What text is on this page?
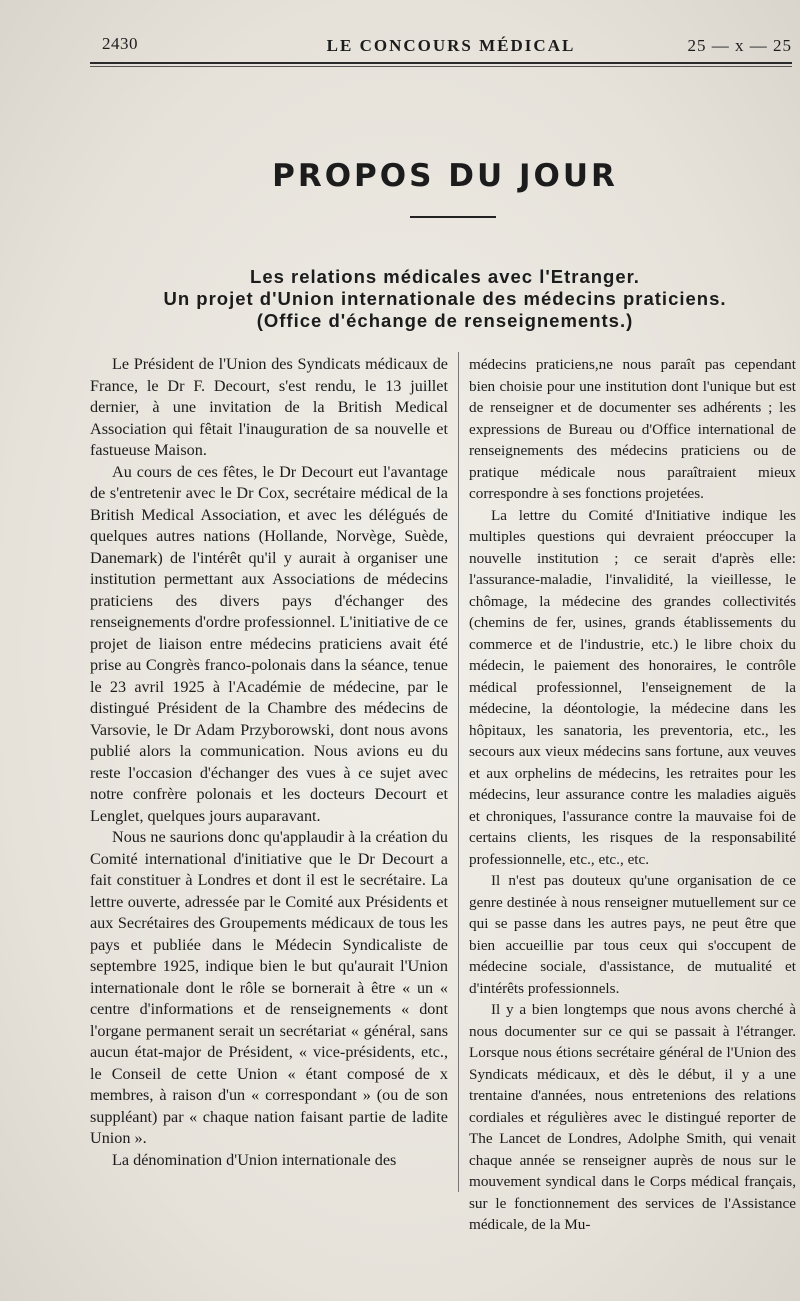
2430	LE CONCOURS MÉDICAL	25 — x — 25
PROPOS DU JOUR
Les relations médicales avec l'Etranger.
Un projet d'Union internationale des médecins praticiens.
(Office d'échange de renseignements.)

Le Président de l'Union des Syndicats médicaux de France, le Dr F. Decourt, s'est rendu, le 13 juillet dernier, à une invitation de la British Medical Association qui fêtait l'inauguration de sa nouvelle et fastueuse Maison.

Au cours de ces fêtes, le Dr Decourt eut l'avantage de s'entretenir avec le Dr Cox, secrétaire médical de la British Medical Association, et avec les délégués de quelques autres nations (Hollande, Norvège, Suède, Danemark) de l'intérêt qu'il y aurait à organiser une institution permettant aux Associations de médecins praticiens des divers pays d'échanger des renseignements d'ordre professionnel. L'initiative de ce projet de liaison entre médecins praticiens avait été prise au Congrès franco-polonais dans la séance, tenue le 23 avril 1925 à l'Académie de médecine, par le distingué Président de la Chambre des médecins de Varsovie, le Dr Adam Przyborowski, dont nous avons publié alors la communication. Nous avions eu du reste l'occasion d'échanger des vues à ce sujet avec notre confrère polonais et les docteurs Decourt et Lenglet, quelques jours auparavant.

Nous ne saurions donc qu'applaudir à la création du Comité international d'initiative que le Dr Decourt a fait constituer à Londres et dont il est le secrétaire. La lettre ouverte, adressée par le Comité aux Présidents et aux Secrétaires des Groupements médicaux de tous les pays et publiée dans le Médecin Syndicaliste de septembre 1925, indique bien le but qu'aurait l'Union internationale dont le rôle se bornerait à être « un « centre d'informations et de renseignements « dont l'organe permanent serait un secrétariat « général, sans aucun état-major de Président, « vice-présidents, etc., le Conseil de cette Union « étant composé de x membres, à raison d'un « correspondant » (ou de son suppléant) par « chaque nation faisant partie de ladite Union ».

La dénomination d'Union internationale des

médecins praticiens,ne nous paraît pas cependant bien choisie pour une institution dont l'unique but est de renseigner et de documenter ses adhérents ; les expressions de Bureau ou d'Office international de renseignements des médecins praticiens ou de pratique médicale nous paraîtraient mieux correspondre à ses fonctions projetées.

La lettre du Comité d'Initiative indique les multiples questions qui devraient préoccuper la nouvelle institution ; ce serait d'après elle: l'assurance-maladie, l'invalidité, la vieillesse, le chômage, la médecine des grandes collectivités (chemins de fer, usines, grands établissements du commerce et de l'industrie, etc.) le libre choix du médecin, le paiement des honoraires, le contrôle médical professionnel, l'enseignement de la médecine, la déontologie, la médecine dans les hôpitaux, les sanatoria, les preventoria, etc., les secours aux vieux médecins sans fortune, aux veuves et aux orphelins de médecins, les retraites pour les médecins, leur assurance contre les maladies aiguës et chroniques, l'assurance contre la mauvaise foi de certains clients, les risques de la responsabilité professionnelle, etc., etc., etc.

Il n'est pas douteux qu'une organisation de ce genre destinée à nous renseigner mutuellement sur ce qui se passe dans les autres pays, ne peut être que bien accueillie par tous ceux qui s'occupent de médecine sociale, d'assistance, de mutualité et d'intérêts professionnels.

Il y a bien longtemps que nous avons cherché à nous documenter sur ce qui se passait à l'étranger. Lorsque nous étions secrétaire général de l'Union des Syndicats médicaux, et dès le début, il y a une trentaine d'années, nous entretenions des relations cordiales et régulières avec le distingué reporter de The Lancet de Londres, Adolphe Smith, qui venait chaque année se renseigner auprès de nous sur le mouvement syndical dans le Corps médical français, sur le fonctionnement des services de l'Assistance médicale, de la Mu-
